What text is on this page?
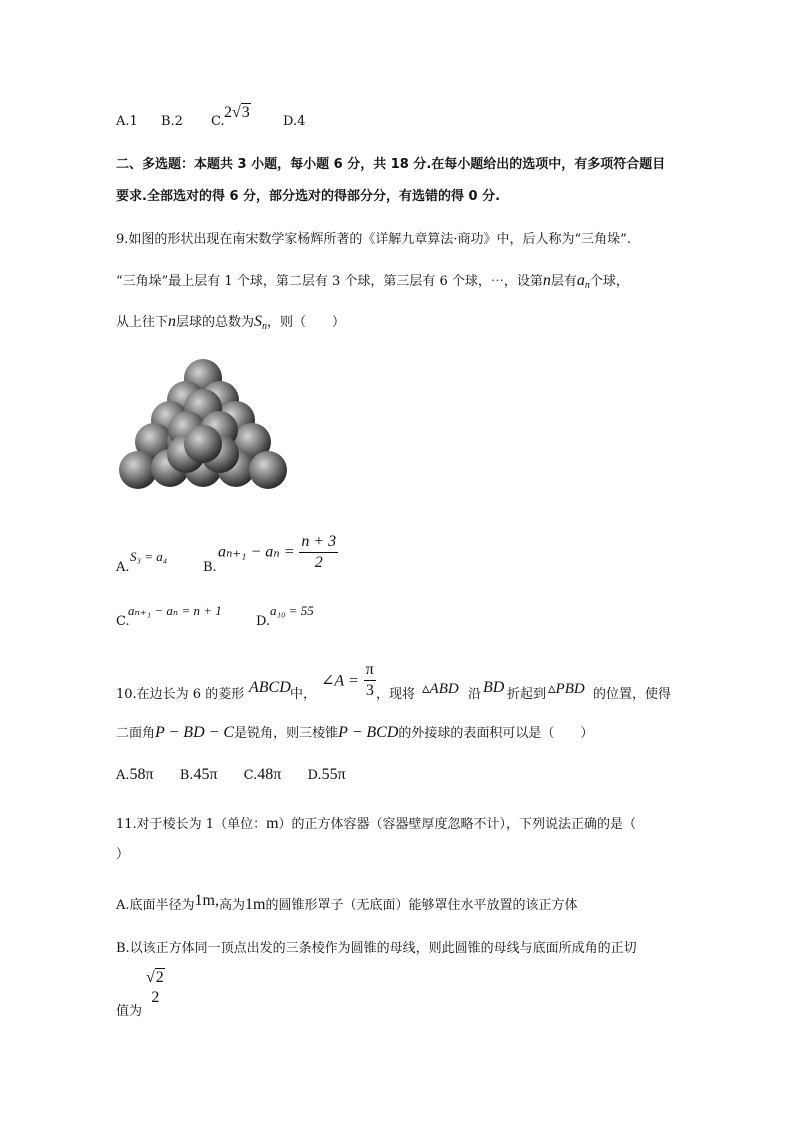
A.1 B.2 C.
2√3
D.4
二、多选题：本题共 3 小题，每小题 6 分，共 18 分.在每小题给出的选项中，有多项符合题目
要求.全部选对的得 6 分，部分选对的得部分分，有选错的得 0 分.
9.如图的形状出现在南宋数学家杨辉所著的《详解九章算法·商功》中，后人称为“三角垛”.
“三角垛”最上层有 1 个球，第二层有 3 个球，第三层有 6 个球，⋯，设第n层有$a_n$个球，
从上往下n层球的总数为$S_n$，则（　　）
A.
S₃ = a₄
B.
$a_{n+1} - a_n = \frac{n + 3}{2}$
C.
aₙ₊₁ − aₙ = n + 1
D.
a₁₀ = 55
10.在边长为 6 的菱形 ABCD 中，
∠A = $\frac{\pi}{3}$ ，现将 ▵ABD 沿 BD 折起到 ▵PBD 的位置，使得
二面角P − BD − C是锐角，则三棱锥P − BCD的外接球的表面积可以是（　　）
A.58π B.45π C.48π D.55π
11.对于棱长为 1（单位：m）的正方体容器（容器壁厚度忽略不计），下列说法正确的是（
）
A.底面半径为1m,高为1m的圆锥形罩子（无底面）能够罩住水平放置的该正方体
B.以该正方体同一顶点出发的三条棱作为圆锥的母线，则此圆锥的母线与底面所成角的正切
值为
√2
2
